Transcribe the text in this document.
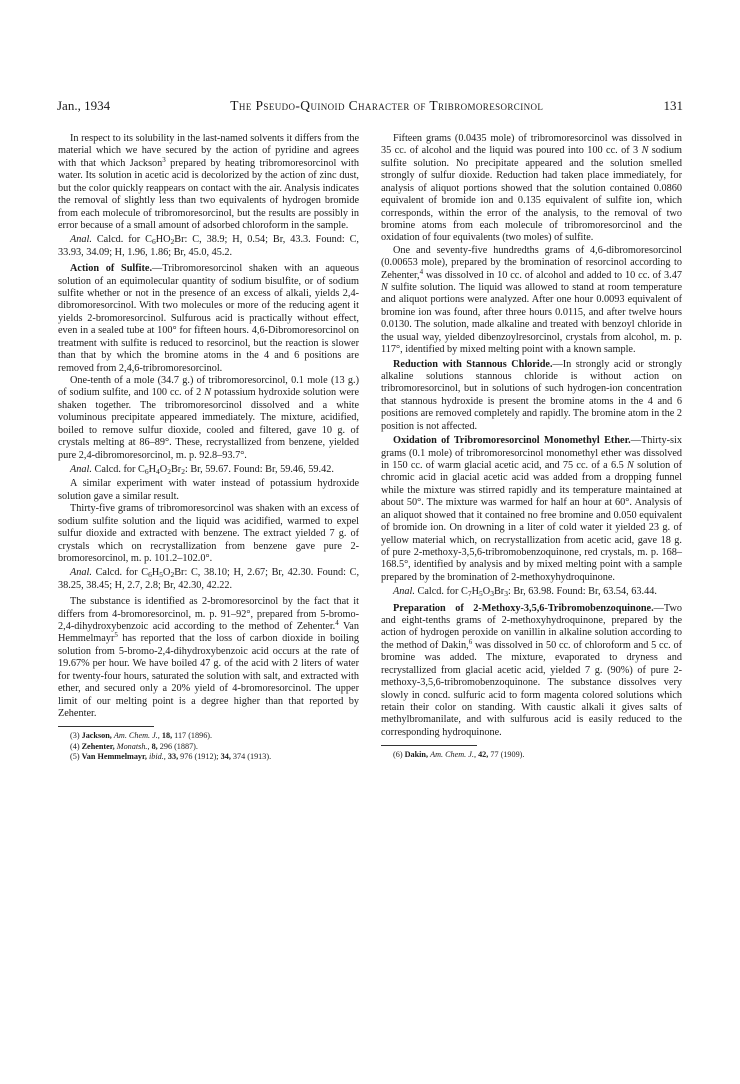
Jan., 1934	The Pseudo-Quinoid Character of Tribromoresorcinol	131

In respect to its solubility in the last-named solvents it differs from the material which we have secured by the action of pyridine and agrees with that which Jackson$^3$ prepared by heating tribromoresorcinol with water. Its solution in acetic acid is decolorized by the action of zinc dust, but the color quickly reappears on contact with the air. Analysis indicates the removal of slightly less than two equivalents of hydrogen bromide from each molecule of tribromoresorcinol, but the results are possibly in error because of a small amount of adsorbed chloroform in the sample.

Anal. Calcd. for $C_6HO_2Br$: C, 38.9; H, 0.54; Br, 43.3. Found: C, 33.93, 34.09; H, 1.96, 1.86; Br, 45.0, 45.2.

Action of Sulfite.—Tribromoresorcinol shaken with an aqueous solution of an equimolecular quantity of sodium bisulfite, or of sodium sulfite whether or not in the presence of an excess of alkali, yields 2,4-dibromoresorcinol. With two molecules or more of the reducing agent it yields 2-bromoresorcinol. Sulfurous acid is practically without effect, even in a sealed tube at 100° for fifteen hours. 4,6-Dibromoresorcinol on treatment with sulfite is reduced to resorcinol, but the reaction is slower than that by which the bromine atoms in the 4 and 6 positions are removed from 2,4,6-tribromoresorcinol.

One-tenth of a mole (34.7 g.) of tribromoresorcinol, 0.1 mole (13 g.) of sodium sulfite, and 100 cc. of 2 N potassium hydroxide solution were shaken together. The tribromoresorcinol dissolved and a white voluminous precipitate appeared immediately. The mixture, acidified, boiled to remove sulfur dioxide, cooled and filtered, gave 10 g. of crystals melting at 86–89°. These, recrystallized from benzene, yielded pure 2,4-dibromoresorcinol, m. p. 92.8–93.7°.

Anal. Calcd. for $C_6H_4O_2Br_2$: Br, 59.67. Found: Br, 59.46, 59.42.

A similar experiment with water instead of potassium hydroxide solution gave a similar result.

Thirty-five grams of tribromoresorcinol was shaken with an excess of sodium sulfite solution and the liquid was acidified, warmed to expel sulfur dioxide and extracted with benzene. The extract yielded 7 g. of crystals which on recrystallization from benzene gave pure 2-bromoresorcinol, m. p. 101.2–102.0°.

Anal. Calcd. for $C_6H_5O_2Br$: C, 38.10; H, 2.67; Br, 42.30. Found: C, 38.25, 38.45; H, 2.7, 2.8; Br, 42.30, 42.22.

The substance is identified as 2-bromoresorcinol by the fact that it differs from 4-bromoresorcinol, m. p. 91–92°, prepared from 5-bromo-2,4-dihydroxybenzoic acid according to the method of Zehenter.$^4$ Van Hemmelmayr$^5$ has reported that the loss of carbon dioxide in boiling solution from 5-bromo-2,4-dihydroxybenzoic acid occurs at the rate of 19.67% per hour. We have boiled 47 g. of the acid with 2 liters of water for twenty-four hours, saturated the solution with salt, and extracted with ether, and secured only a 20% yield of 4-bromoresorcinol. The upper limit of our melting point is a degree higher than that reported by Zehenter.

(3) Jackson, Am. Chem. J., 18, 117 (1896).

(4) Zehenter, Monatsh., 8, 296 (1887).

(5) Van Hemmelmayr, ibid., 33, 976 (1912); 34, 374 (1913).

Fifteen grams (0.0435 mole) of tribromoresorcinol was dissolved in 35 cc. of alcohol and the liquid was poured into 100 cc. of 3 N sodium sulfite solution. No precipitate appeared and the solution smelled strongly of sulfur dioxide. Reduction had taken place immediately, for analysis of aliquot portions showed that the solution contained 0.0860 equivalent of bromide ion and 0.135 equivalent of sulfite ion, which corresponds, within the error of the analysis, to the removal of two bromine atoms from each molecule of tribromoresorcinol and the oxidation of four equivalents (two moles) of sulfite.

One and seventy-five hundredths grams of 4,6-dibromoresorcinol (0.00653 mole), prepared by the bromination of resorcinol according to Zehenter,$^4$ was dissolved in 10 cc. of alcohol and added to 10 cc. of 3.47 N sulfite solution. The liquid was allowed to stand at room temperature and aliquot portions were analyzed. After one hour 0.0093 equivalent of bromine ion was found, after three hours 0.0115, and after twelve hours 0.0130. The solution, made alkaline and treated with benzoyl chloride in the usual way, yielded dibenzoylresorcinol, crystals from alcohol, m. p. 117°, identified by mixed melting point with a known sample.

Reduction with Stannous Chloride.—In strongly acid or strongly alkaline solutions stannous chloride is without action on tribromoresorcinol, but in solutions of such hydrogen-ion concentration that stannous hydroxide is present the bromine atoms in the 4 and 6 positions are removed completely and rapidly. The bromine atom in the 2 position is not affected.

Oxidation of Tribromoresorcinol Monomethyl Ether.—Thirty-six grams (0.1 mole) of tribromoresorcinol monomethyl ether was dissolved in 150 cc. of warm glacial acetic acid, and 75 cc. of a 6.5 N solution of chromic acid in glacial acetic acid was added from a dropping funnel while the mixture was stirred rapidly and its temperature maintained at about 50°. The mixture was warmed for half an hour at 60°. Analysis of an aliquot showed that it contained no free bromine and 0.050 equivalent of bromide ion. On drowning in a liter of cold water it yielded 23 g. of yellow material which, on recrystallization from acetic acid, gave 18 g. of pure 2-methoxy-3,5,6-tribromobenzoquinone, red crystals, m. p. 168–168.5°, identified by analysis and by mixed melting point with a sample prepared by the bromination of 2-methoxyhydroquinone.

Anal. Calcd. for $C_7H_5O_3Br_3$: Br, 63.98. Found: Br, 63.54, 63.44.

Preparation of 2-Methoxy-3,5,6-Tribromobenzoquinone.—Two and eight-tenths grams of 2-methoxyhydroquinone, prepared by the action of hydrogen peroxide on vanillin in alkaline solution according to the method of Dakin,$^6$ was dissolved in 50 cc. of chloroform and 5 cc. of bromine was added. The mixture, evaporated to dryness and recrystallized from glacial acetic acid, yielded 7 g. (90%) of pure 2-methoxy-3,5,6-tribromobenzoquinone. The substance dissolves very slowly in concd. sulfuric acid to form magenta colored solutions which retain their color on standing. With caustic alkali it gives salts of methylbromanilate, and with sulfurous acid is easily reduced to the corresponding hydroquinone.

(6) Dakin, Am. Chem. J., 42, 77 (1909).
